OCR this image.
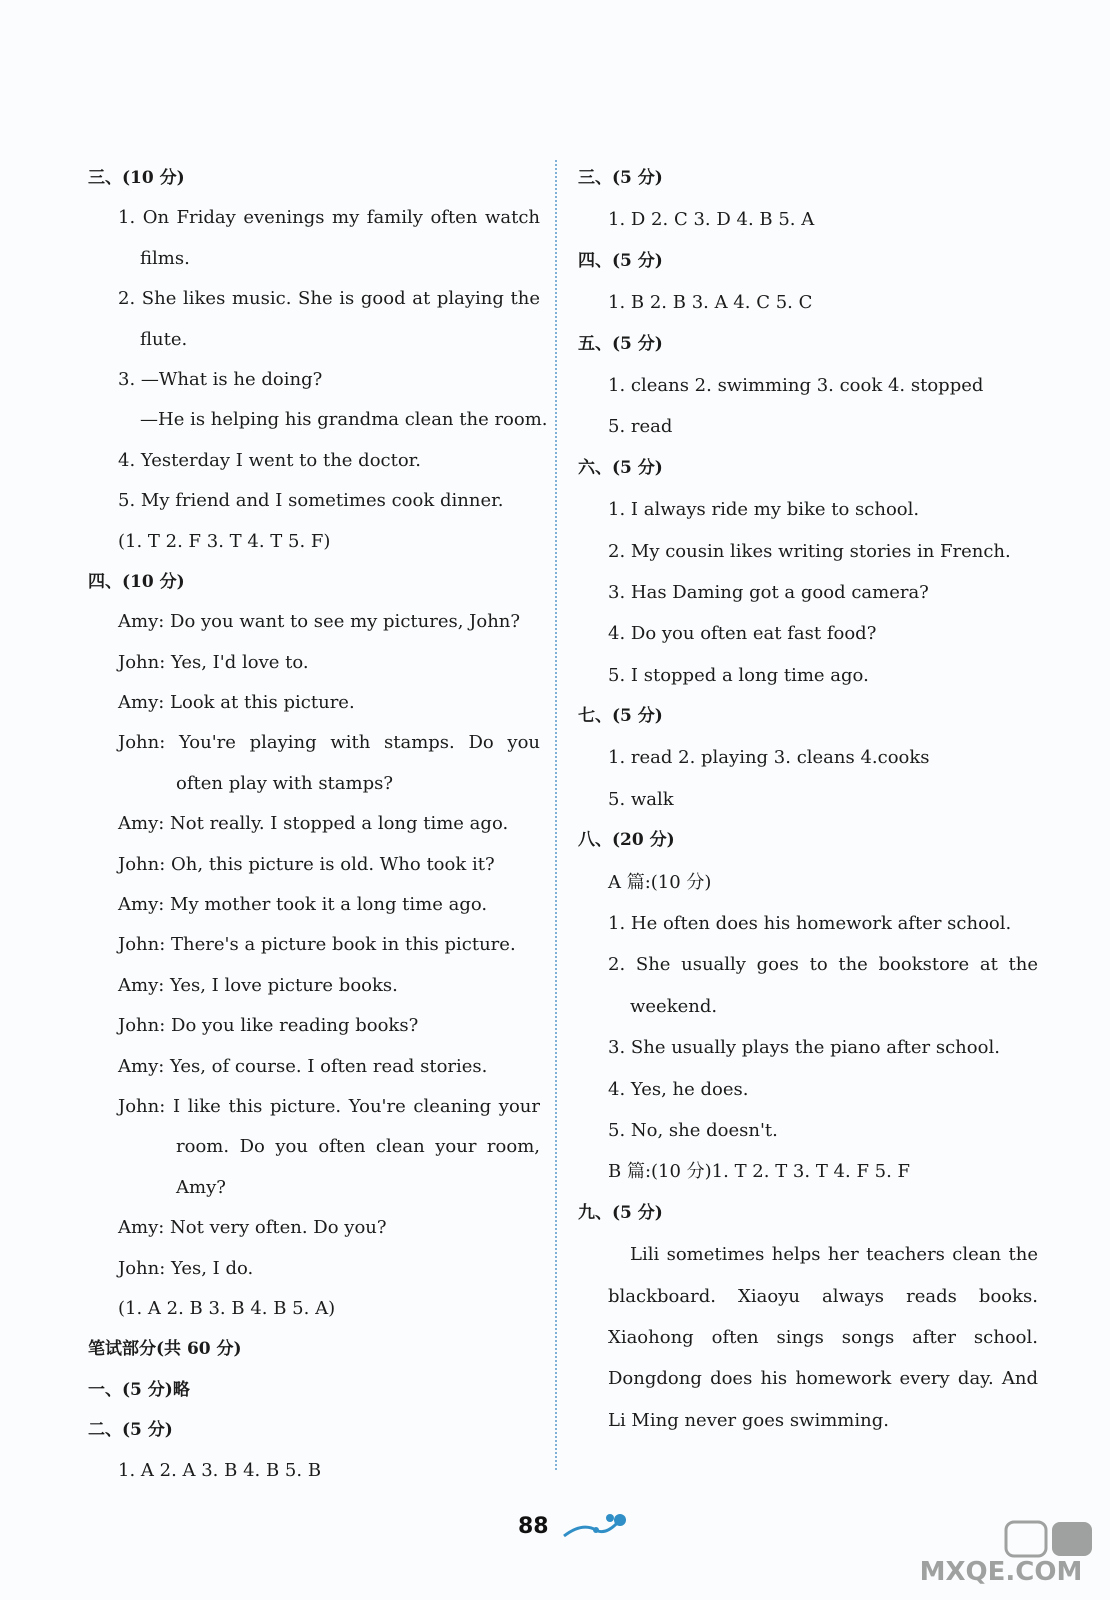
三、(10 分)
1. On Friday evenings my family often watch
films.
2. She likes music. She is good at playing the
flute.
3. —What is he doing?
—He is helping his grandma clean the room.
4. Yesterday I went to the doctor.
5. My friend and I sometimes cook dinner.
(1. T 2. F 3. T 4. T 5. F)
四、(10 分)
Amy: Do you want to see my pictures, John?
John: Yes, I'd love to.
Amy: Look at this picture.
John: You're playing with stamps. Do you
often play with stamps?
Amy: Not really. I stopped a long time ago.
John: Oh, this picture is old. Who took it?
Amy: My mother took it a long time ago.
John: There's a picture book in this picture.
Amy: Yes, I love picture books.
John: Do you like reading books?
Amy: Yes, of course. I often read stories.
John: I like this picture. You're cleaning your
room. Do you often clean your room,
Amy?
Amy: Not very often. Do you?
John: Yes, I do.
(1. A 2. B 3. B 4. B 5. A)
笔试部分(共 60 分)
一、(5 分)略
二、(5 分)
1. A 2. A 3. B 4. B 5. B
三、(5 分)
1. D 2. C 3. D 4. B 5. A
四、(5 分)
1. B 2. B 3. A 4. C 5. C
五、(5 分)
1. cleans 2. swimming 3. cook 4. stopped
5. read
六、(5 分)
1. I always ride my bike to school.
2. My cousin likes writing stories in French.
3. Has Daming got a good camera?
4. Do you often eat fast food?
5. I stopped a long time ago.
七、(5 分)
1. read 2. playing 3. cleans 4.cooks
5. walk
八、(20 分)
A 篇:(10 分)
1. He often does his homework after school.
2. She usually goes to the bookstore at the
weekend.
3. She usually plays the piano after school.
4. Yes, he does.
5. No, she doesn't.
B 篇:(10 分)1. T 2. T 3. T 4. F 5. F
九、(5 分)
Lili sometimes helps her teachers clean the
blackboard. Xiaoyu always reads books.
Xiaohong often sings songs after school.
Dongdong does his homework every day. And
Li Ming never goes swimming.
88
MXQE.COM
